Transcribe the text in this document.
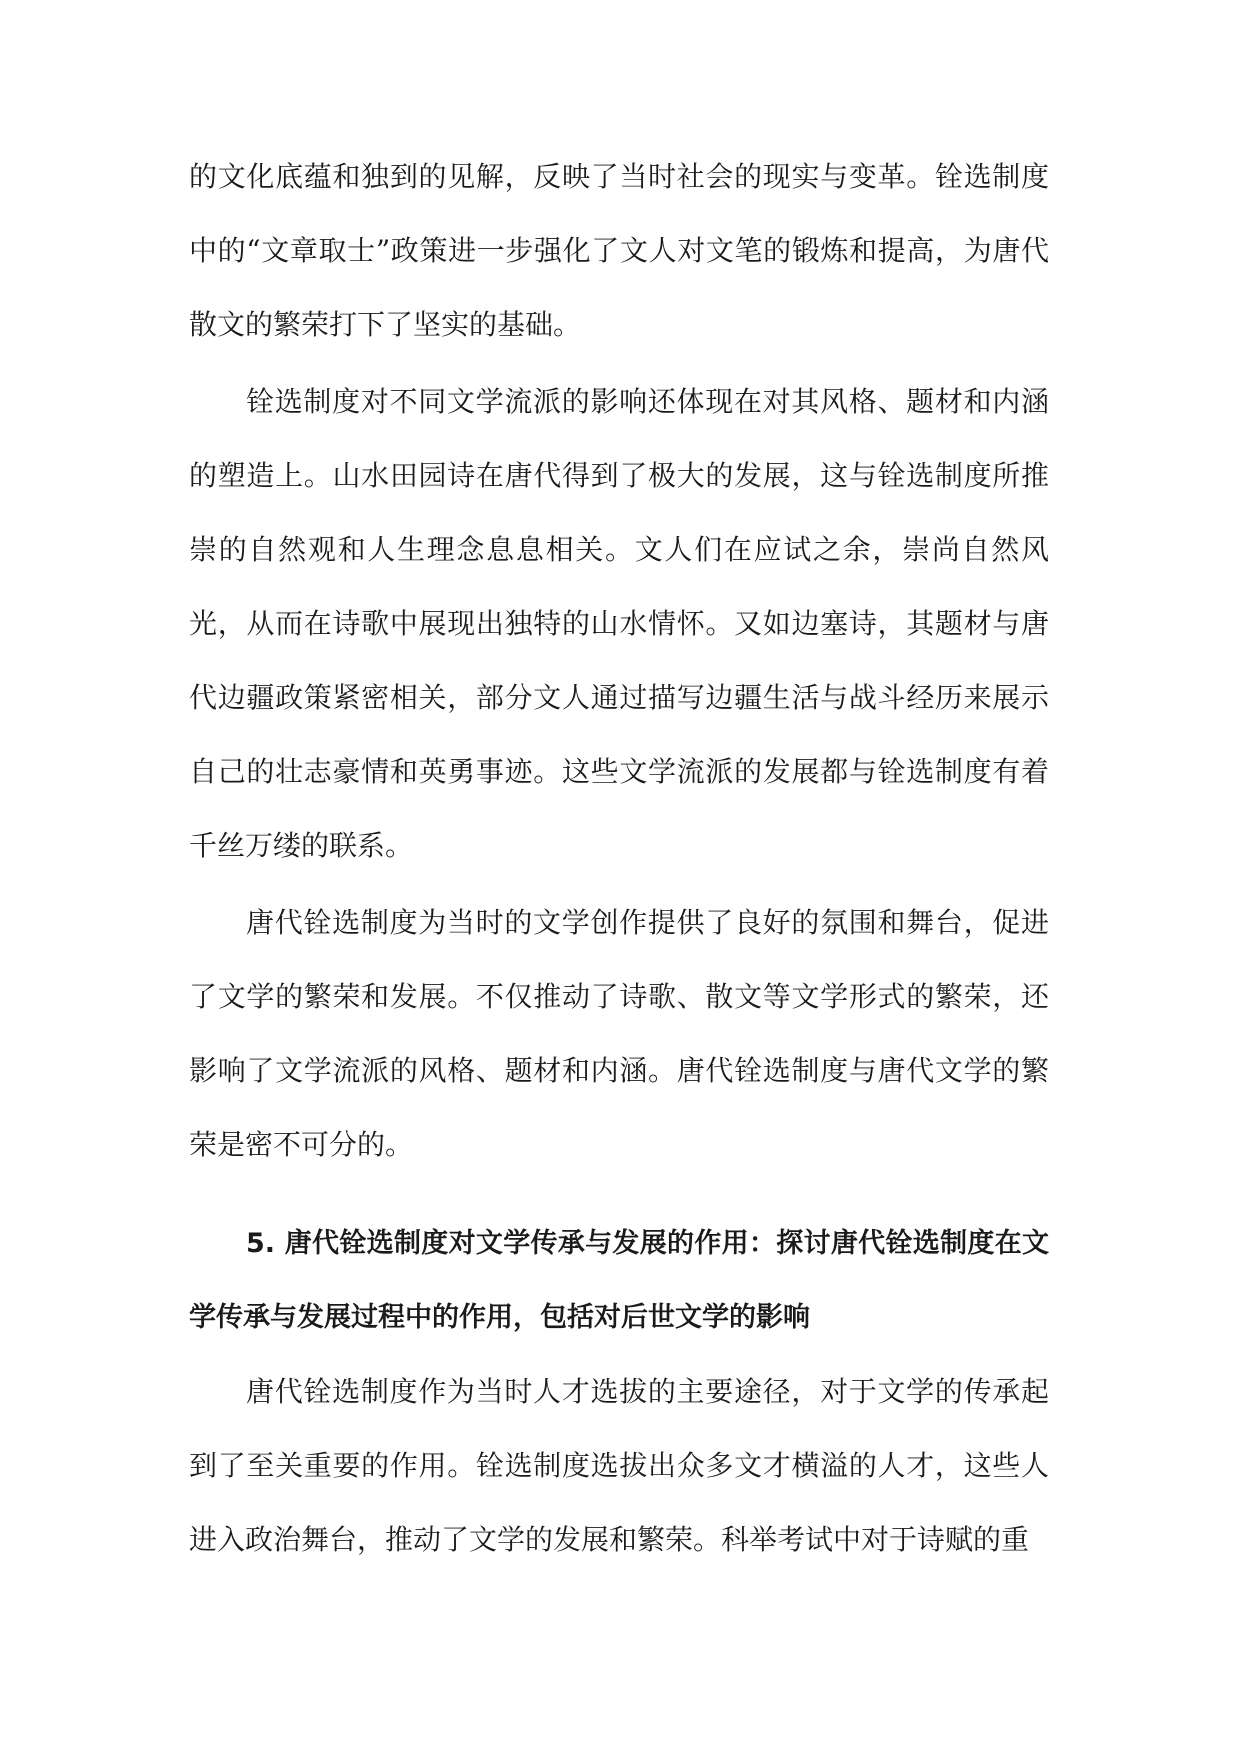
的文化底蕴和独到的见解，反映了当时社会的现实与变革。铨选制度中的“文章取士”政策进一步强化了文人对文笔的锻炼和提高，为唐代散文的繁荣打下了坚实的基础。

铨选制度对不同文学流派的影响还体现在对其风格、题材和内涵的塑造上。山水田园诗在唐代得到了极大的发展，这与铨选制度所推崇的自然观和人生理念息息相关。文人们在应试之余，崇尚自然风光，从而在诗歌中展现出独特的山水情怀。又如边塞诗，其题材与唐代边疆政策紧密相关，部分文人通过描写边疆生活与战斗经历来展示自己的壮志豪情和英勇事迹。这些文学流派的发展都与铨选制度有着千丝万缕的联系。

唐代铨选制度为当时的文学创作提供了良好的氛围和舞台，促进了文学的繁荣和发展。不仅推动了诗歌、散文等文学形式的繁荣，还影响了文学流派的风格、题材和内涵。唐代铨选制度与唐代文学的繁荣是密不可分的。

5. 唐代铨选制度对文学传承与发展的作用：探讨唐代铨选制度在文学传承与发展过程中的作用，包括对后世文学的影响

唐代铨选制度作为当时人才选拔的主要途径，对于文学的传承起到了至关重要的作用。铨选制度选拔出众多文才横溢的人才，这些人进入政治舞台，推动了文学的发展和繁荣。科举考试中对于诗赋的重
